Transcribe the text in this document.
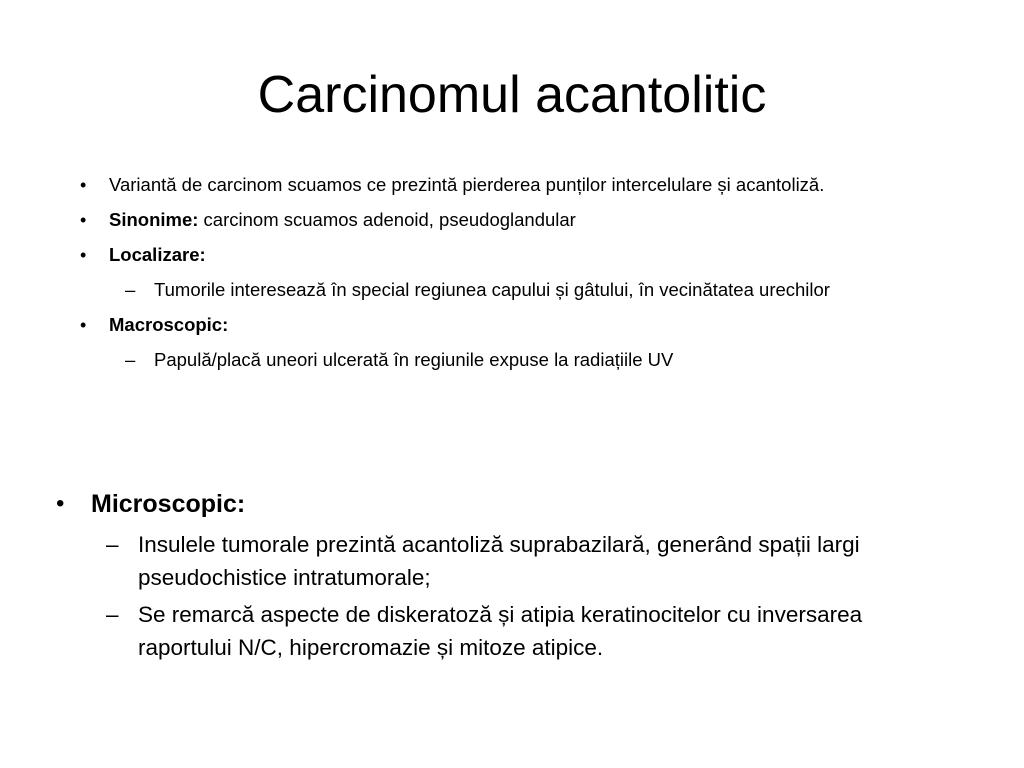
Carcinomul acantolitic
• Variantă de carcinom scuamos ce prezintă pierderea punților intercelulare și acantoliză.
• Sinonime: carcinom scuamos adenoid, pseudoglandular
• Localizare:
– Tumorile interesează în special regiunea capului și gâtului, în vecinătatea urechilor
• Macroscopic:
– Papulă/placă uneori ulcerată în regiunile expuse la radiațiile UV
• Microscopic:
– Insulele tumorale prezintă acantoliză suprabazilară, generând spații largi pseudochistice intratumorale;
– Se remarcă aspecte de diskeratoză și atipia keratinocitelor cu inversarea raportului N/C, hipercromazie și mitoze atipice.
